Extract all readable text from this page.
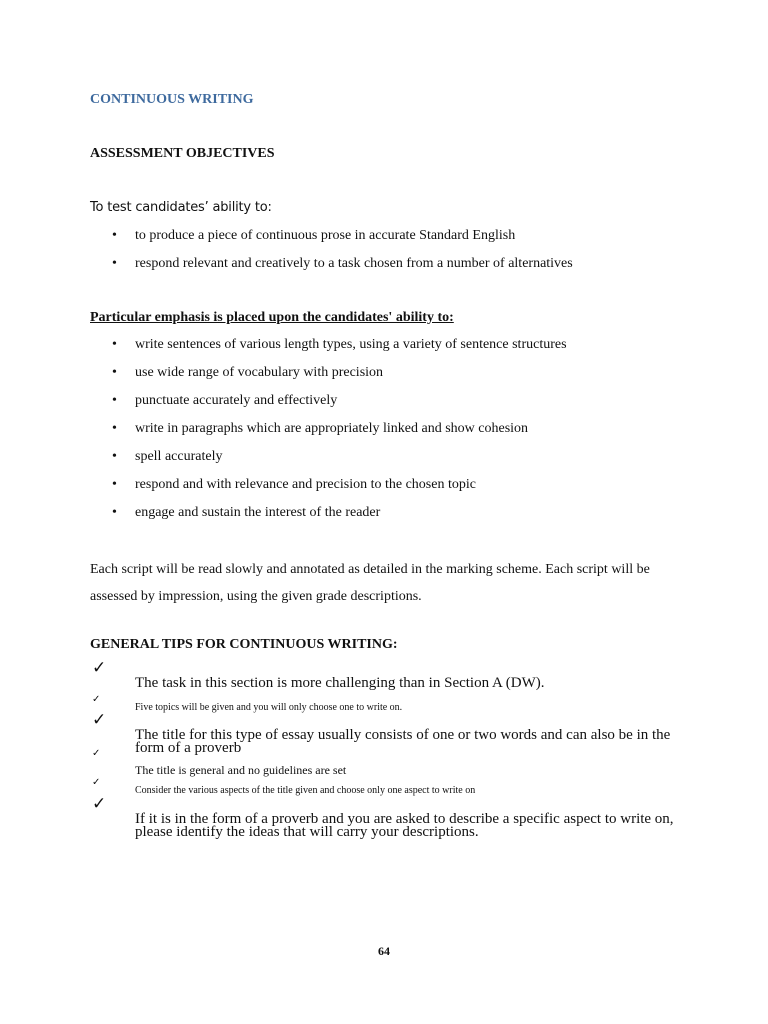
CONTINUOUS WRITING
ASSESSMENT OBJECTIVES
To test candidates’ ability to:
• to produce a piece of continuous prose in accurate Standard English
• respond relevant and creatively to a task chosen from a number of alternatives
Particular emphasis is placed upon the candidates' ability to:
• write sentences of various length types, using a variety of sentence structures
• use wide range of vocabulary with precision
• punctuate accurately and effectively
• write in paragraphs which are appropriately linked and show cohesion
• spell accurately
• respond and with relevance and precision to the chosen topic
• engage and sustain the interest of the reader
Each script will be read slowly and annotated as detailed in the marking scheme. Each script will be assessed by impression, using the given grade descriptions.
GENERAL TIPS FOR CONTINUOUS WRITING:
✓
✓
✓
✓
✓
✓
The task in this section is more challenging than in Section A (DW).
Five topics will be given and you will only choose one to write on.
The title for this type of essay usually consists of one or two words and can also be in the form of a proverb
The title is general and no guidelines are set
Consider the various aspects of the title given and choose only one aspect to write on
If it is in the form of a proverb and you are asked to describe a specific aspect to write on, please identify the ideas that will carry your descriptions.
64
